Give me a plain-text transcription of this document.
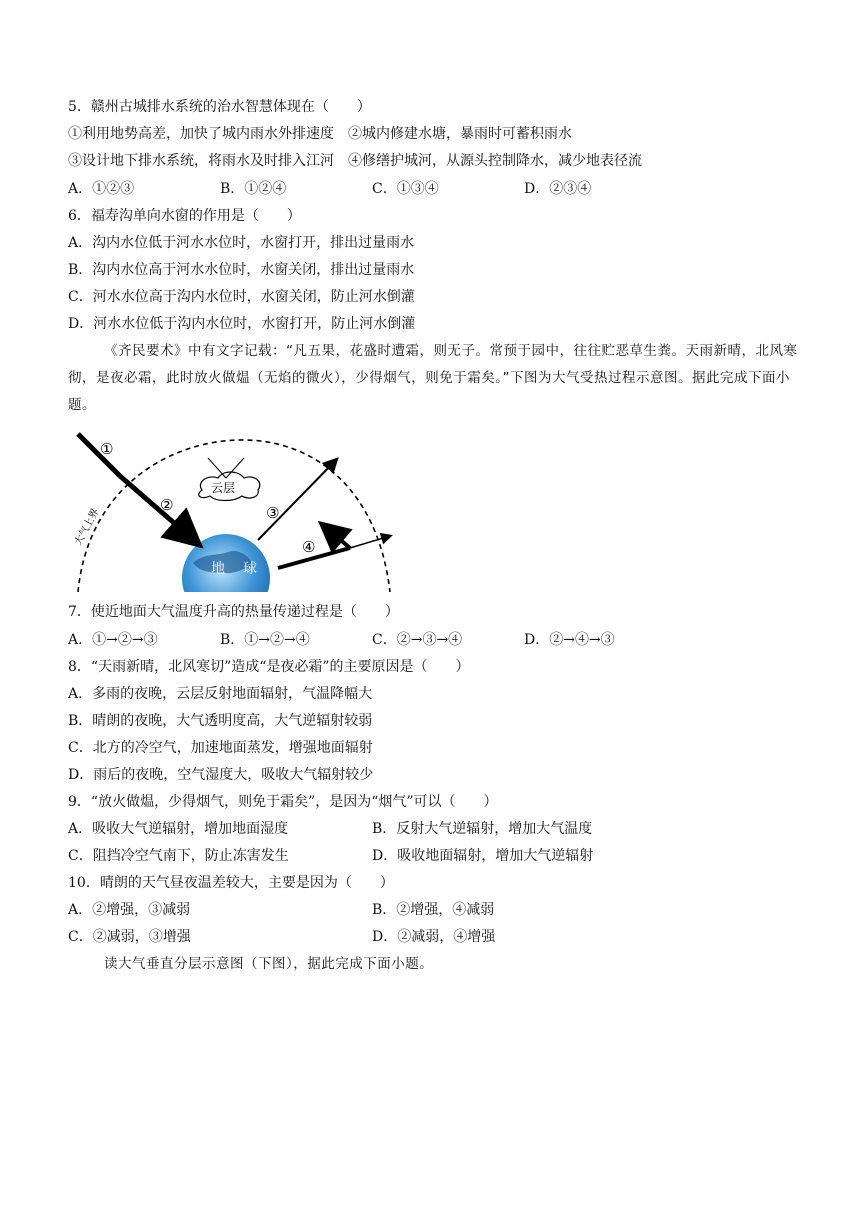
5．赣州古城排水系统的治水智慧体现在（　　）
①利用地势高差，加快了城内雨水外排速度　②城内修建水塘，暴雨时可蓄积雨水
③设计地下排水系统，将雨水及时排入江河　④修缮护城河，从源头控制降水，减少地表径流
A．①②③	B．①②④	C．①③④	D．②③④
6．福寿沟单向水窗的作用是（　　）
A．沟内水位低于河水水位时，水窗打开，排出过量雨水
B．沟内水位高于河水水位时，水窗关闭，排出过量雨水
C．河水水位高于沟内水位时，水窗关闭，防止河水倒灌
D．河水水位低于沟内水位时，水窗打开，防止河水倒灌
《齐民要术》中有文字记载：“凡五果，花盛时遭霜，则无子。常预于园中，往往贮恶草生粪。天雨新晴，北风寒彻，是夜必霜，此时放火做煴（无焰的微火），少得烟气，则免于霜矣。”下图为大气受热过程示意图。据此完成下面小题。
大气上界
地 球
①
②
云层
③
④
7．使近地面大气温度升高的热量传递过程是（　　）
A．①→②→③	B．①→②→④	C．②→③→④	D．②→④→③
8．“天雨新晴，北风寒切”造成“是夜必霜”的主要原因是（　　）
A．多雨的夜晚，云层反射地面辐射，气温降幅大
B．晴朗的夜晚，大气透明度高，大气逆辐射较弱
C．北方的冷空气，加速地面蒸发，增强地面辐射
D．雨后的夜晚，空气湿度大，吸收大气辐射较少
9．“放火做煴，少得烟气，则免于霜矣”，是因为“烟气”可以（　　）
A．吸收大气逆辐射，增加地面湿度	B．反射大气逆辐射，增加大气温度
C．阻挡冷空气南下，防止冻害发生	D．吸收地面辐射，增加大气逆辐射
10．晴朗的天气昼夜温差较大，主要是因为（　　）
A．②增强，③减弱	B．②增强，④减弱
C．②减弱，③增强	D．②减弱，④增强
读大气垂直分层示意图（下图），据此完成下面小题。
